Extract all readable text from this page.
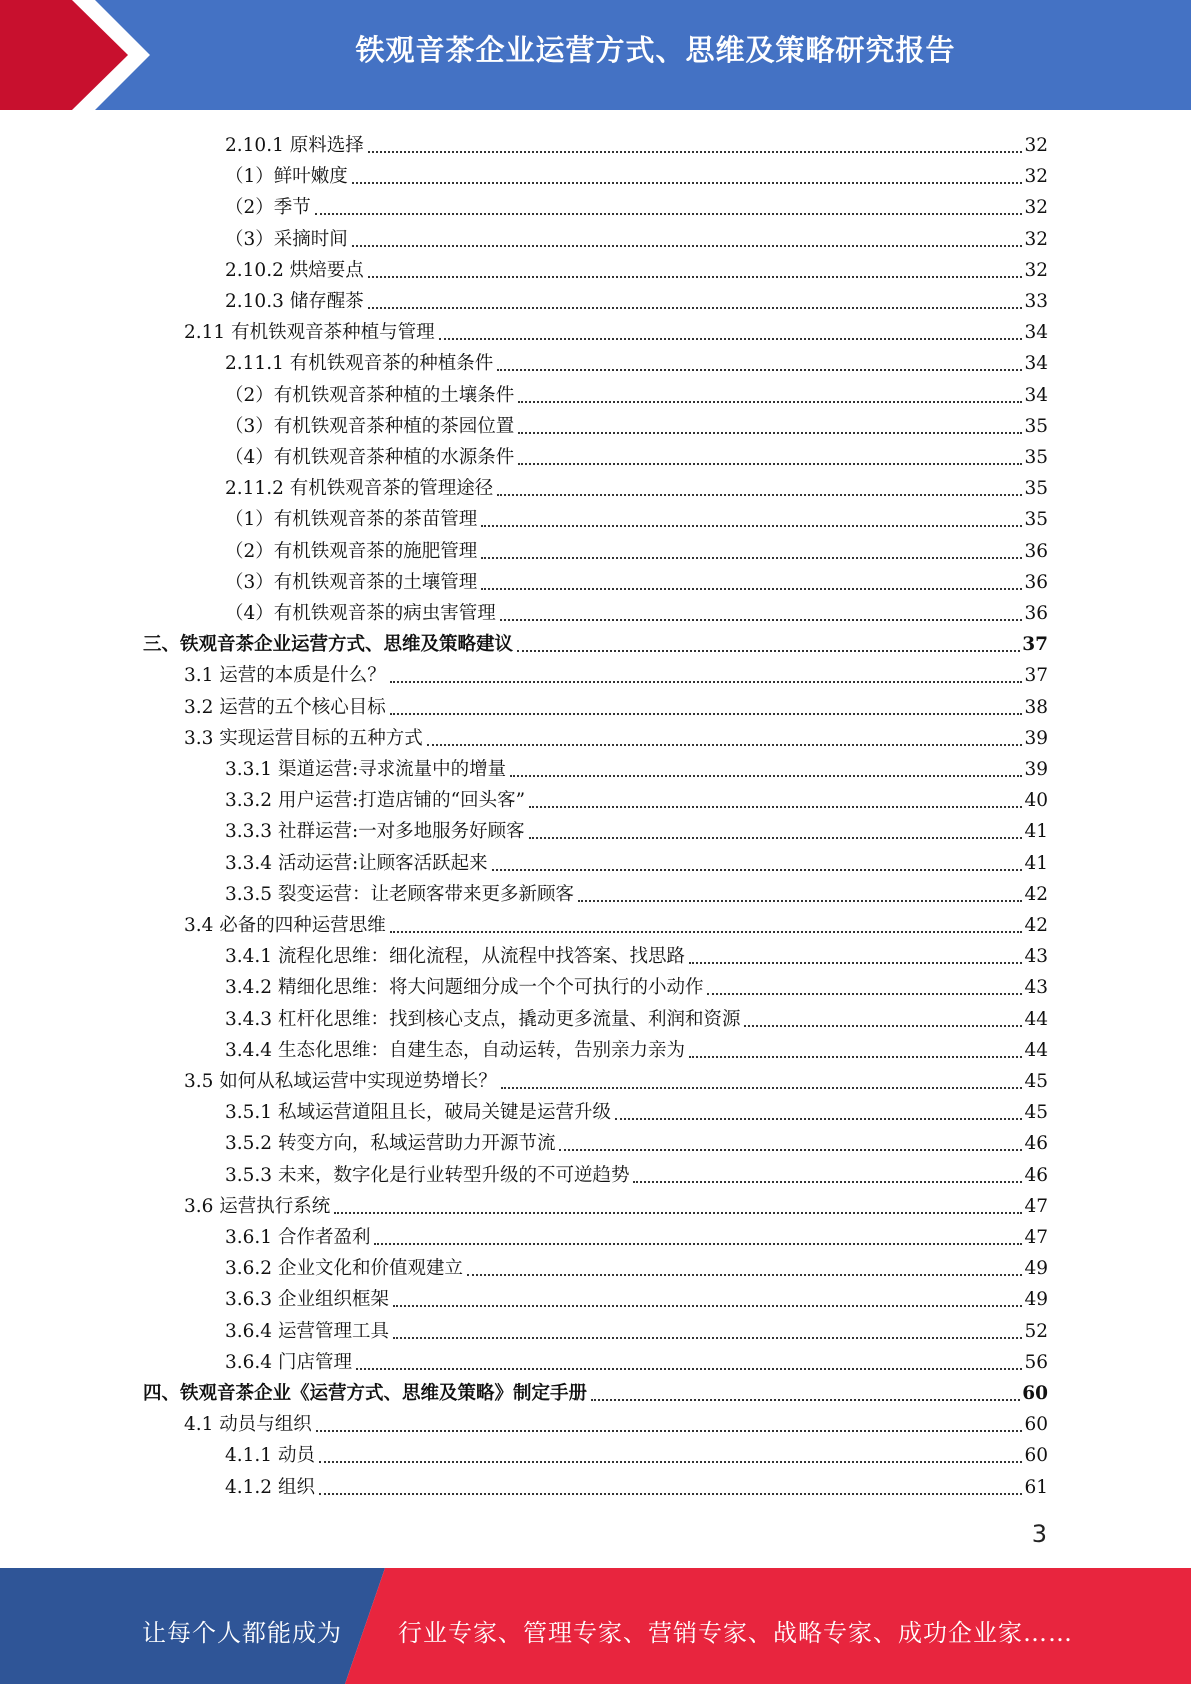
铁观音茶企业运营方式、思维及策略研究报告
2.10.1 原料选择	32
（1）鲜叶嫩度	32
（2）季节	32
（3）采摘时间	32
2.10.2 烘焙要点	32
2.10.3 储存醒茶	33
2.11 有机铁观音茶种植与管理	34
2.11.1 有机铁观音茶的种植条件	34
（2）有机铁观音茶种植的土壤条件	34
（3）有机铁观音茶种植的茶园位置	35
（4）有机铁观音茶种植的水源条件	35
2.11.2 有机铁观音茶的管理途径	35
（1）有机铁观音茶的茶苗管理	35
（2）有机铁观音茶的施肥管理	36
（3）有机铁观音茶的土壤管理	36
（4）有机铁观音茶的病虫害管理	36
三、铁观音茶企业运营方式、思维及策略建议	37
3.1 运营的本质是什么？	37
3.2 运营的五个核心目标	38
3.3 实现运营目标的五种方式	39
3.3.1 渠道运营:寻求流量中的增量	39
3.3.2 用户运营:打造店铺的“回头客”	40
3.3.3 社群运营:一对多地服务好顾客	41
3.3.4 活动运营:让顾客活跃起来	41
3.3.5 裂变运营：让老顾客带来更多新顾客	42
3.4 必备的四种运营思维	42
3.4.1 流程化思维：细化流程，从流程中找答案、找思路	43
3.4.2 精细化思维：将大问题细分成一个个可执行的小动作	43
3.4.3 杠杆化思维：找到核心支点，撬动更多流量、利润和资源	44
3.4.4 生态化思维：自建生态，自动运转，告别亲力亲为	44
3.5 如何从私域运营中实现逆势增长？	45
3.5.1 私域运营道阻且长，破局关键是运营升级	45
3.5.2 转变方向，私域运营助力开源节流	46
3.5.3 未来，数字化是行业转型升级的不可逆趋势	46
3.6 运营执行系统	47
3.6.1 合作者盈利	47
3.6.2 企业文化和价值观建立	49
3.6.3 企业组织框架	49
3.6.4 运营管理工具	52
3.6.4 门店管理	56
四、铁观音茶企业《运营方式、思维及策略》制定手册	60
4.1 动员与组织	60
4.1.1 动员	60
4.1.2 组织	61
3
让每个人都能成为 行业专家、管理专家、营销专家、战略专家、成功企业家……
